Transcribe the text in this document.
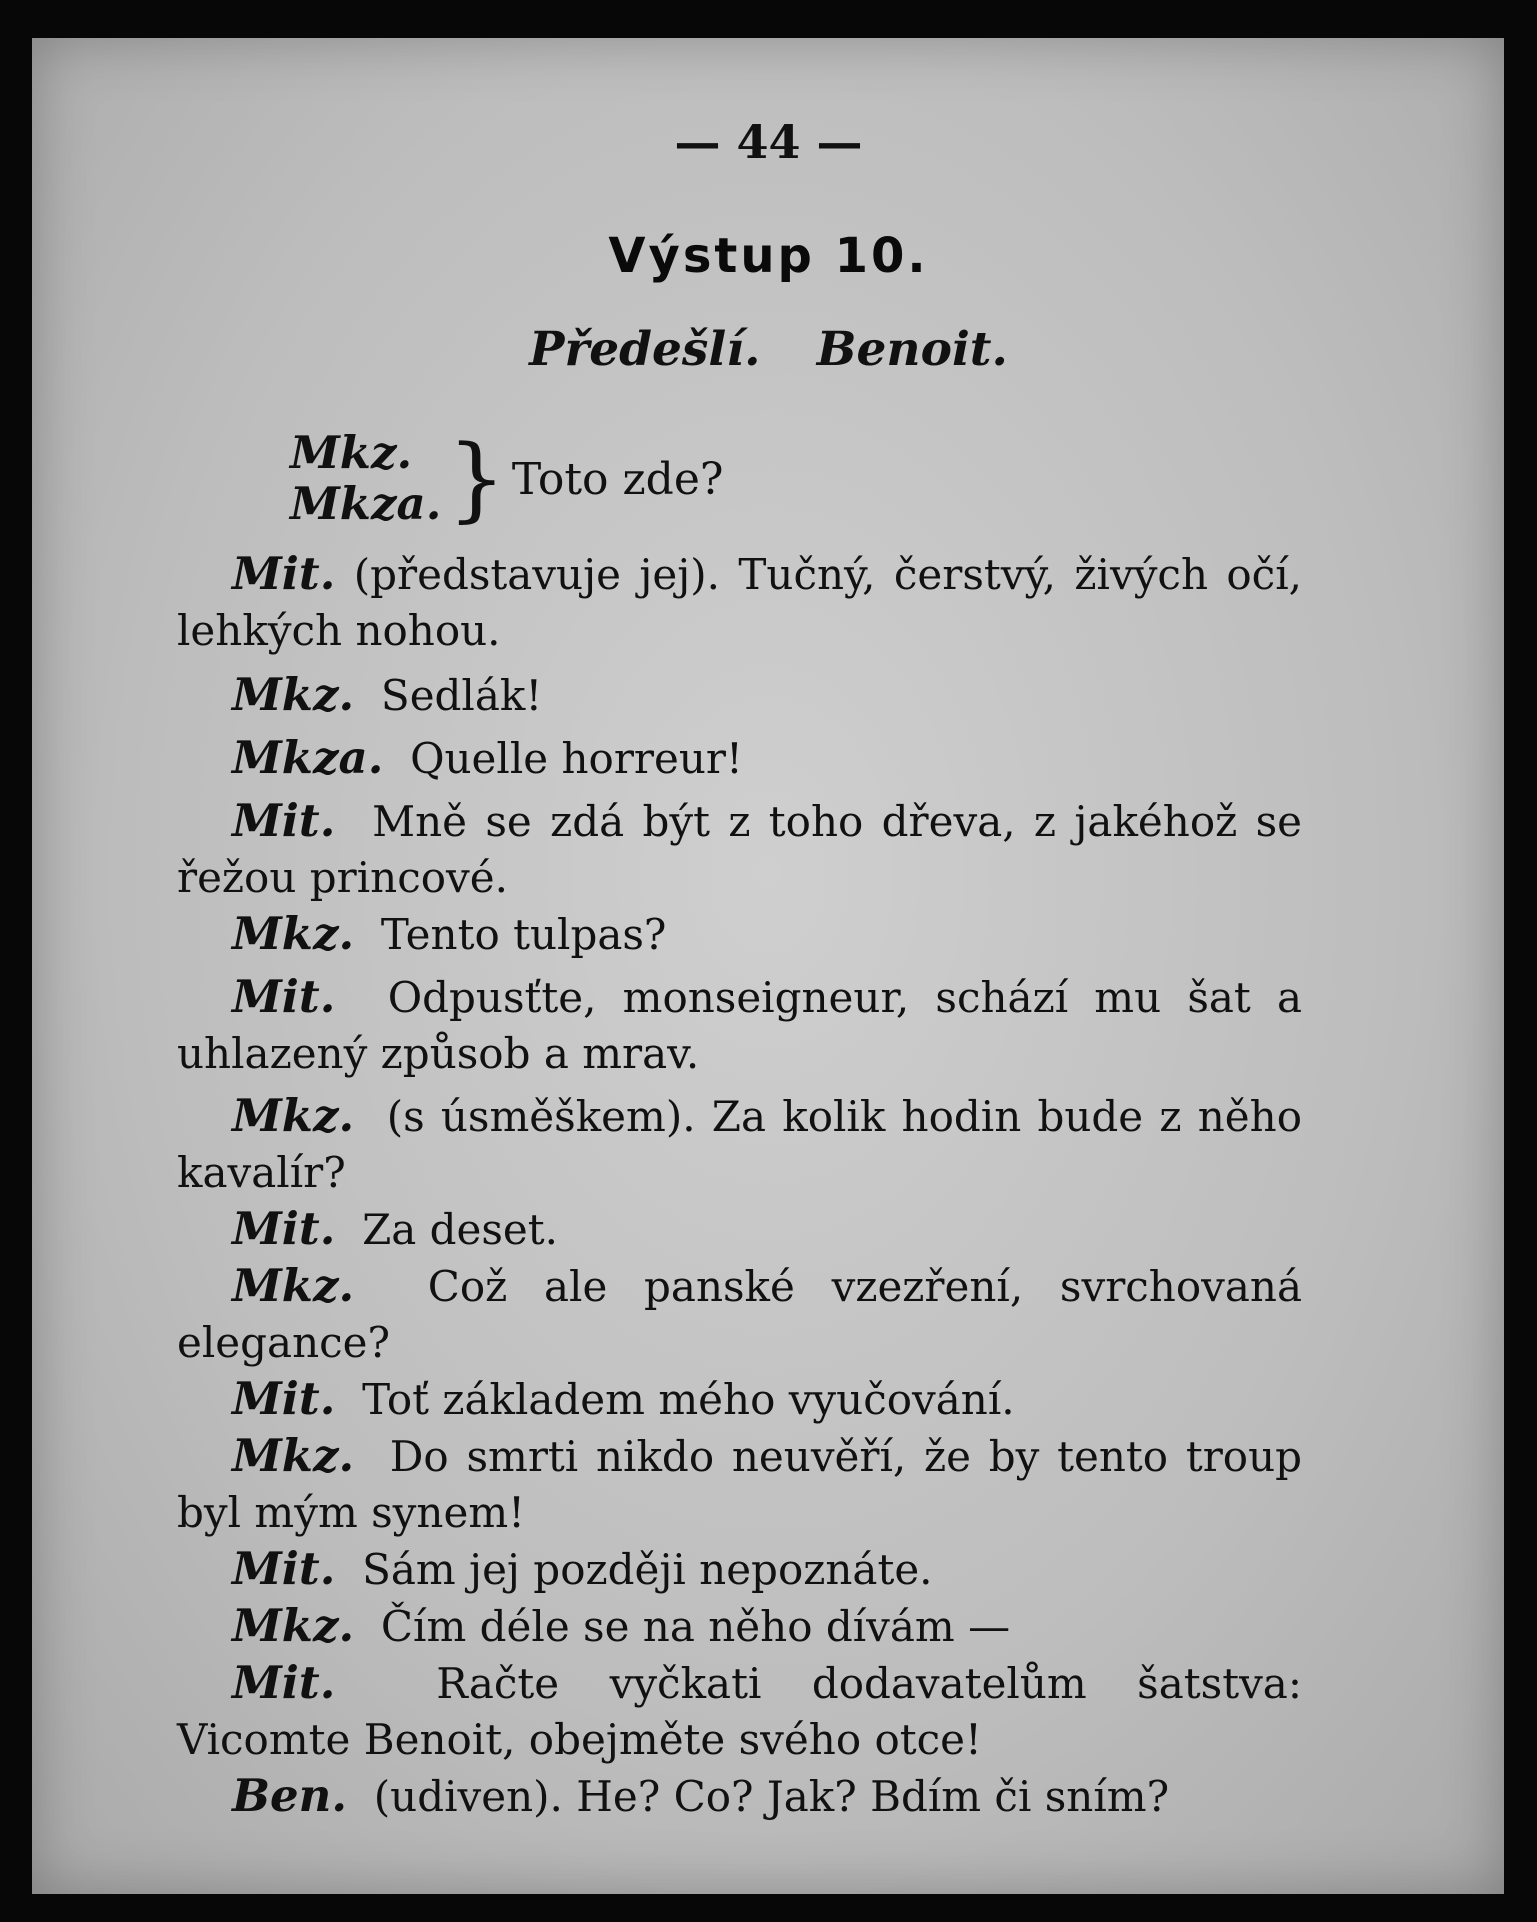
— 44 —
Výstup 10.
Předešlí. Benoit.
Mkz.
Mkza.} Toto zde?

Mit. (představuje jej). Tučný, čerstvý, živých očí, lehkých nohou.

Mkz. Sedlák!

Mkza. Quelle horreur!

Mit. Mně se zdá být z toho dřeva, z jakéhož se řežou princové.

Mkz. Tento tulpas?

Mit. Odpusťte, monseigneur, schází mu šat a uhlazený způsob a mrav.

Mkz. (s úsměškem). Za kolik hodin bude z něho kavalír?

Mit. Za deset.

Mkz. Což ale panské vzezření, svrchovaná elegance?

Mit. Toť základem mého vyučování.

Mkz. Do smrti nikdo neuvěří, že by tento troup byl mým synem!

Mit. Sám jej později nepoznáte.

Mkz. Čím déle se na něho dívám —

Mit. Račte vyčkati dodavatelům šatstva: Vicomte Benoit, obejměte svého otce!

Ben. (udiven). He? Co? Jak? Bdím či sním?
